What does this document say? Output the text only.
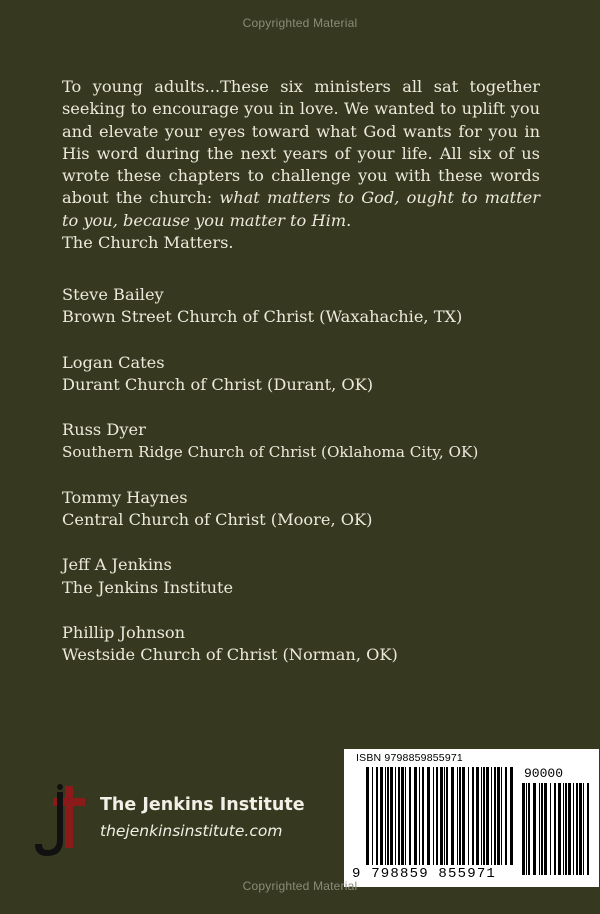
Copyrighted Material
To young adults...These six ministers all sat together seeking to encourage you in love. We wanted to uplift you and elevate your eyes toward what God wants for you in His word during the next years of your life. All six of us wrote these chapters to challenge you with these words about the church: what matters to God, ought to matter to you, because you matter to Him.
The Church Matters.
Steve Bailey
Brown Street Church of Christ (Waxahachie, TX)
Logan Cates
Durant Church of Christ (Durant, OK)
Russ Dyer
Southern Ridge Church of Christ (Oklahoma City, OK)
Tommy Haynes
Central Church of Christ (Moore, OK)
Jeff A Jenkins
The Jenkins Institute
Phillip Johnson
Westside Church of Christ (Norman, OK)
The Jenkins Institute
thejenkinsinstitute.com
ISBN 9798859855971
90000
9 798859 855971
Copyrighted Material
